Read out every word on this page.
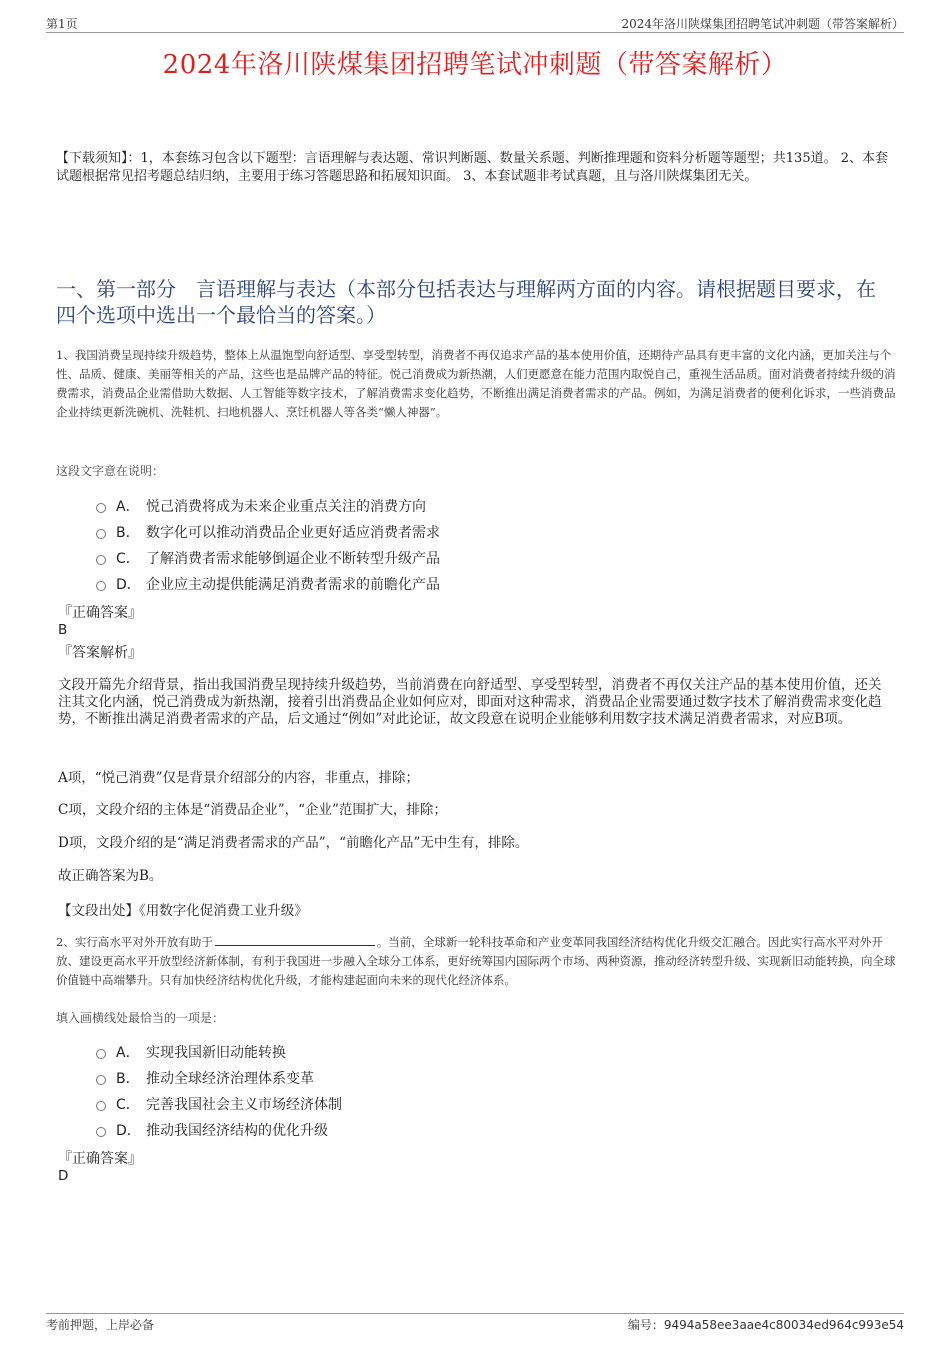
第1页	2024年洛川陕煤集团招聘笔试冲刺题（带答案解析）
2024年洛川陕煤集团招聘笔试冲刺题（带答案解析）
【下载须知】：1，本套练习包含以下题型：言语理解与表达题、常识判断题、数量关系题、判断推理题和资料分析题等题型；共135道。 2、本套试题根据常见招考题总结归纳，主要用于练习答题思路和拓展知识面。 3、本套试题非考试真题，且与洛川陕煤集团无关。
一、第一部分　言语理解与表达（本部分包括表达与理解两方面的内容。请根据题目要求，在四个选项中选出一个最恰当的答案。）
1、我国消费呈现持续升级趋势，整体上从温饱型向舒适型、享受型转型，消费者不再仅追求产品的基本使用价值，还期待产品具有更丰富的文化内涵，更加关注与个性、品质、健康、美丽等相关的产品，这些也是品牌产品的特征。悦己消费成为新热潮，人们更愿意在能力范围内取悦自己，重视生活品质。面对消费者持续升级的消费需求，消费品企业需借助大数据、人工智能等数字技术，了解消费需求变化趋势，不断推出满足消费者需求的产品。例如，为满足消费者的便利化诉求，一些消费品企业持续更新洗碗机、洗鞋机、扫地机器人、烹饪机器人等各类“懒人神器”。
这段文字意在说明：
A． 悦己消费将成为未来企业重点关注的消费方向
B． 数字化可以推动消费品企业更好适应消费者需求
C． 了解消费者需求能够倒逼企业不断转型升级产品
D． 企业应主动提供能满足消费者需求的前瞻化产品
『正确答案』
B
『答案解析』
文段开篇先介绍背景，指出我国消费呈现持续升级趋势，当前消费在向舒适型、享受型转型，消费者不再仅关注产品的基本使用价值，还关注其文化内涵，悦己消费成为新热潮，接着引出消费品企业如何应对，即面对这种需求，消费品企业需要通过数字技术了解消费需求变化趋势，不断推出满足消费者需求的产品，后文通过“例如”对此论证，故文段意在说明企业能够利用数字技术满足消费者需求，对应B项。
A项，“悦己消费”仅是背景介绍部分的内容，非重点，排除；
C项，文段介绍的主体是“消费品企业”，“企业”范围扩大，排除；
D项，文段介绍的是“满足消费者需求的产品”，“前瞻化产品”无中生有，排除。
故正确答案为B。
【文段出处】《用数字化促消费工业升级》
2、实行高水平对外开放有助于	。当前，全球新一轮科技革命和产业变革同我国经济结构优化升级交汇融合。因此实行高水平对外开放、建设更高水平开放型经济新体制，有利于我国进一步融入全球分工体系，更好统筹国内国际两个市场、两种资源，推动经济转型升级、实现新旧动能转换，向全球价值链中高端攀升。只有加快经济结构优化升级，才能构建起面向未来的现代化经济体系。
填入画横线处最恰当的一项是：
A． 实现我国新旧动能转换
B． 推动全球经济治理体系变革
C． 完善我国社会主义市场经济体制
D． 推动我国经济结构的优化升级
『正确答案』
D
考前押题，上岸必备	编号：9494a58ee3aae4c80034ed964c993e54
